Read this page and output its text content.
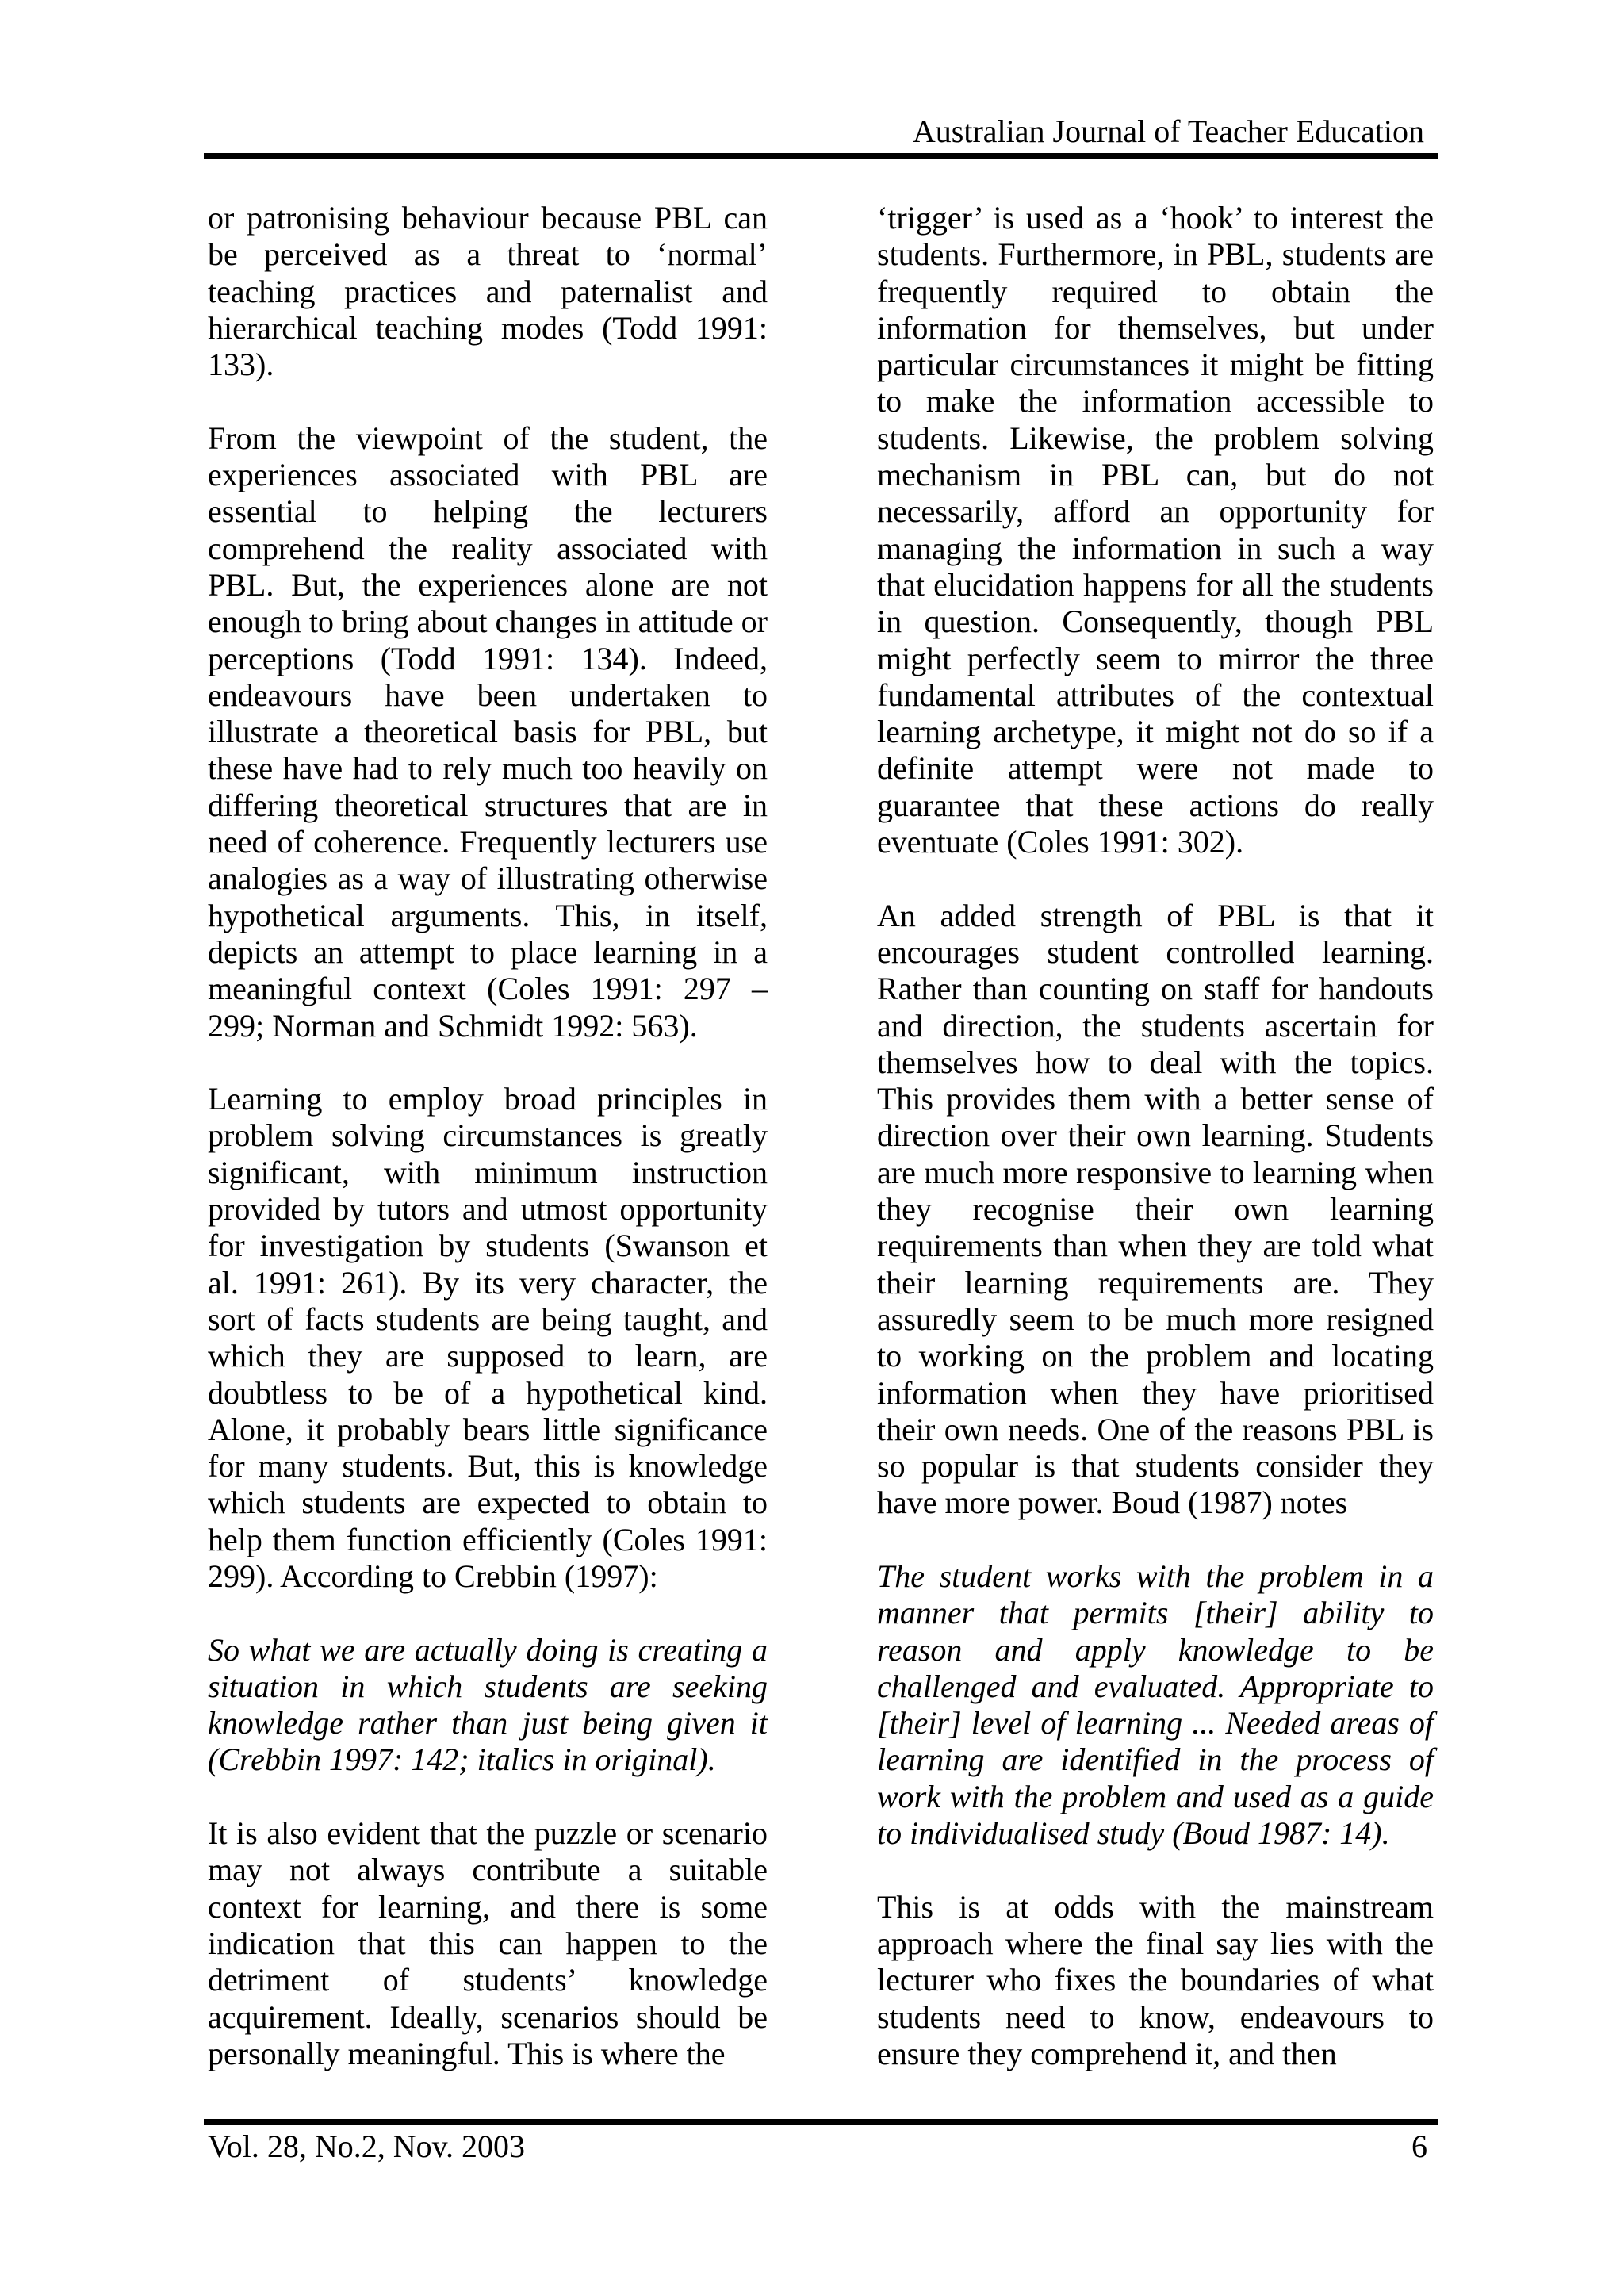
Australian Journal of Teacher Education

or patronising behaviour because PBL can be perceived as a threat to ‘normal’ teaching practices and paternalist and hierarchical teaching modes (Todd 1991: 133).

From the viewpoint of the student, the experiences associated with PBL are essential to helping the lecturers comprehend the reality associated with PBL. But, the experiences alone are not enough to bring about changes in attitude or perceptions (Todd 1991: 134). Indeed, endeavours have been undertaken to illustrate a theoretical basis for PBL, but these have had to rely much too heavily on differing theoretical structures that are in need of coherence. Frequently lecturers use analogies as a way of illustrating otherwise hypothetical arguments. This, in itself, depicts an attempt to place learning in a meaningful context (Coles 1991: 297 – 299; Norman and Schmidt 1992: 563).

Learning to employ broad principles in problem solving circumstances is greatly significant, with minimum instruction provided by tutors and utmost opportunity for investigation by students (Swanson et al. 1991: 261). By its very character, the sort of facts students are being taught, and which they are supposed to learn, are doubtless to be of a hypothetical kind. Alone, it probably bears little significance for many students. But, this is knowledge which students are expected to obtain to help them function efficiently (Coles 1991: 299). According to Crebbin (1997):

So what we are actually doing is creating a situation in which students are seeking knowledge rather than just being given it (Crebbin 1997: 142; italics in original).

It is also evident that the puzzle or scenario may not always contribute a suitable context for learning, and there is some indication that this can happen to the detriment of students’ knowledge acquirement. Ideally, scenarios should be personally meaningful. This is where the

‘trigger’ is used as a ‘hook’ to interest the students. Furthermore, in PBL, students are frequently required to obtain the information for themselves, but under particular circumstances it might be fitting to make the information accessible to students. Likewise, the problem solving mechanism in PBL can, but do not necessarily, afford an opportunity for managing the information in such a way that elucidation happens for all the students in question. Consequently, though PBL might perfectly seem to mirror the three fundamental attributes of the contextual learning archetype, it might not do so if a definite attempt were not made to guarantee that these actions do really eventuate (Coles 1991: 302).

An added strength of PBL is that it encourages student controlled learning. Rather than counting on staff for handouts and direction, the students ascertain for themselves how to deal with the topics. This provides them with a better sense of direction over their own learning. Students are much more responsive to learning when they recognise their own learning requirements than when they are told what their learning requirements are. They assuredly seem to be much more resigned to working on the problem and locating information when they have prioritised their own needs. One of the reasons PBL is so popular is that students consider they have more power. Boud (1987) notes

The student works with the problem in a manner that permits [their] ability to reason and apply knowledge to be challenged and evaluated. Appropriate to [their] level of learning ... Needed areas of learning are identified in the process of work with the problem and used as a guide to individualised study (Boud 1987: 14).

This is at odds with the mainstream approach where the final say lies with the lecturer who fixes the boundaries of what students need to know, endeavours to ensure they comprehend it, and then

Vol. 28, No.2, Nov. 2003	6
